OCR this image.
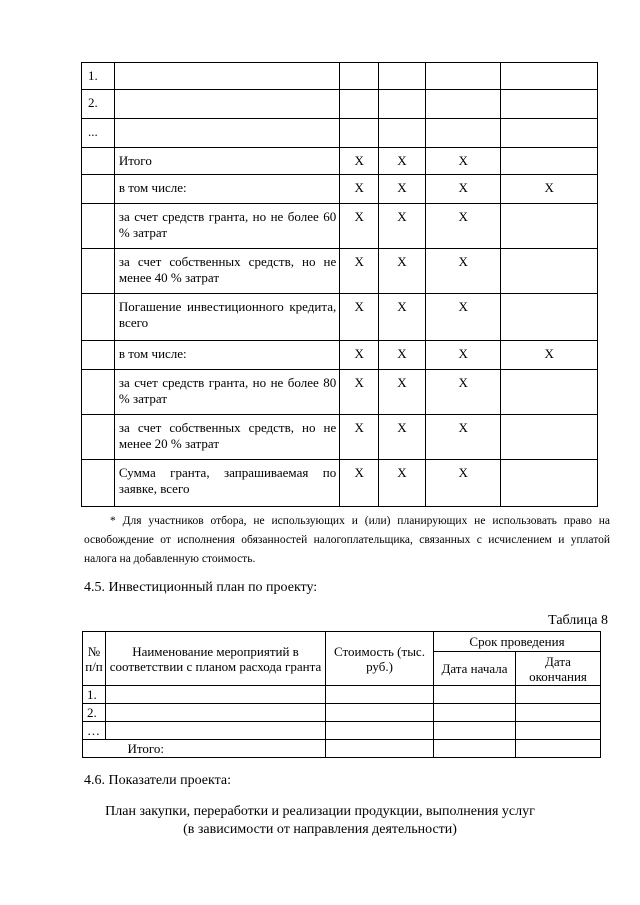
1.					
2.					
...					
	Итого	X	X	X	
	в том числе:	X	X	X	X
	за счет средств гранта, но не более 60 % затрат	X	X	X	
	за счет собственных средств, но не менее 40 % затрат	X	X	X	
	Погашение инвестиционного кредита, всего	X	X	X	
	в том числе:	X	X	X	X
	за счет средств гранта, но не более 80 % затрат	X	X	X	
	за счет собственных средств, но не менее 20 % затрат	X	X	X	
	Сумма гранта, запрашиваемая по заявке, всего	X	X	X	
* Для участников отбора, не использующих и (или) планирующих не использовать право на освобождение от исполнения обязанностей налогоплательщика, связанных с исчислением и уплатой налога на добавленную стоимость.
4.5. Инвестиционный план по проекту:
Таблица 8
№ п/п	Наименование мероприятий в соответствии с планом расхода гранта	Стоимость (тыс. руб.)	Срок проведения	
			Дата начала	Дата окончания
1.				
2.				
…				
	Итого:			
4.6. Показатели проекта:
План закупки, переработки и реализации продукции, выполнения услуг
(в зависимости от направления деятельности)
